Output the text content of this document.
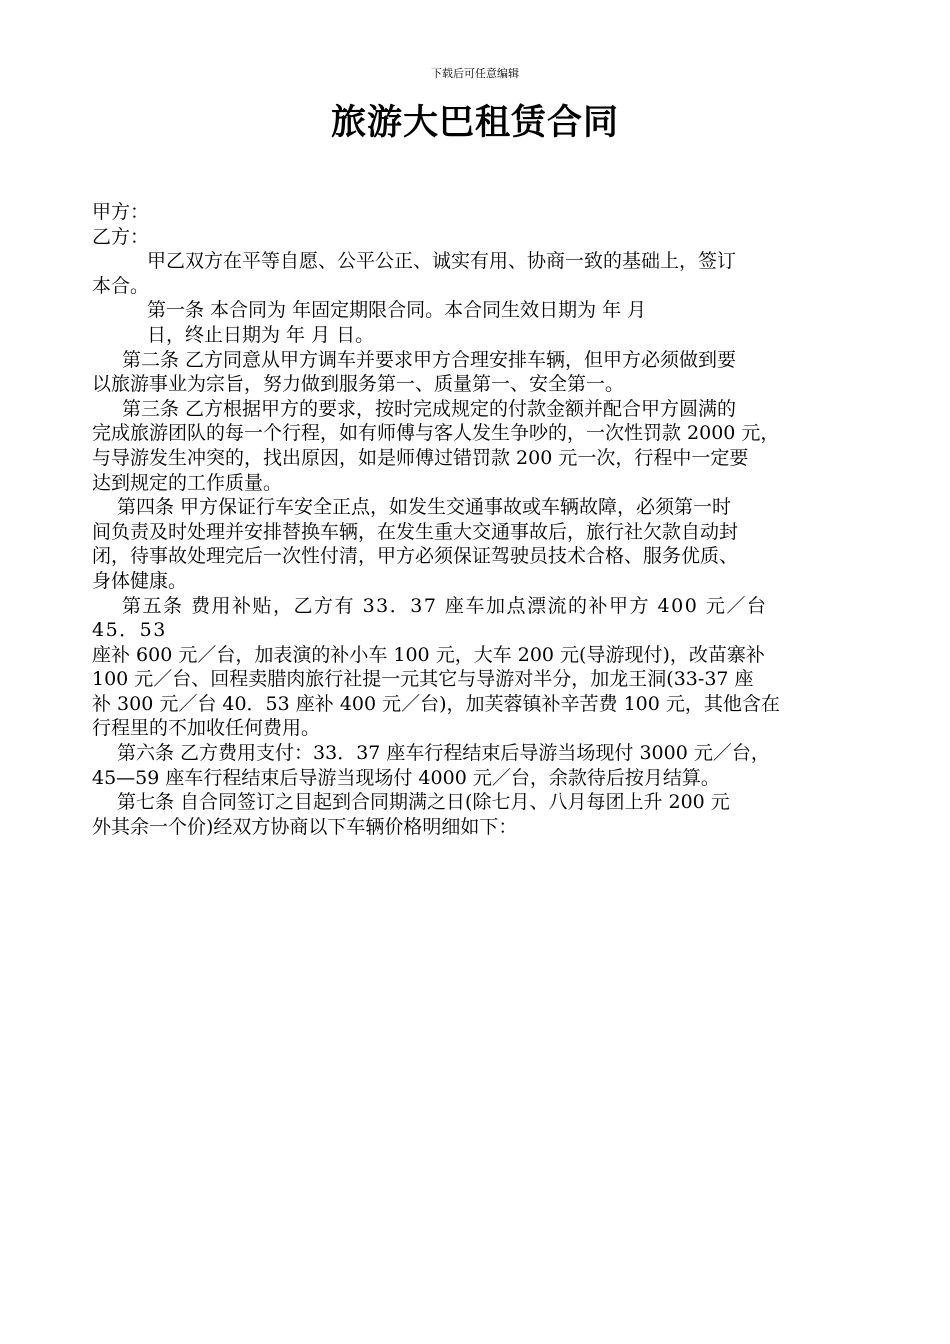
下载后可任意编辑
旅游大巴租赁合同
甲方：
乙方：
甲乙双方在平等自愿、公平公正、诚实有用、协商一致的基础上，签订
本合。
第一条 本合同为 年固定期限合同。本合同生效日期为 年 月
日，终止日期为 年 月 日。
第二条 乙方同意从甲方调车并要求甲方合理安排车辆，但甲方必须做到要
以旅游事业为宗旨，努力做到服务第一、质量第一、安全第一。
第三条 乙方根据甲方的要求，按时完成规定的付款金额并配合甲方圆满的
完成旅游团队的每一个行程，如有师傅与客人发生争吵的，一次性罚款 2000 元，
与导游发生冲突的，找出原因，如是师傅过错罚款 200 元一次，行程中一定要
达到规定的工作质量。
第四条 甲方保证行车安全正点，如发生交通事故或车辆故障，必须第一时
间负责及时处理并安排替换车辆，在发生重大交通事故后，旅行社欠款自动封
闭，待事故处理完后一次性付清，甲方必须保证驾驶员技术合格、服务优质、
身体健康。
第五条 费用补贴，乙方有 33．37 座车加点漂流的补甲方 400 元／台
45．53
座补 600 元／台，加表演的补小车 100 元，大车 200 元(导游现付)，改苗寨补
100 元／台、回程卖腊肉旅行社提一元其它与导游对半分，加龙王洞(33-37 座
补 300 元／台 40．53 座补 400 元／台)，加芙蓉镇补辛苦费 100 元，其他含在
行程里的不加收任何费用。
第六条 乙方费用支付：33．37 座车行程结束后导游当场现付 3000 元／台，
45—59 座车行程结束后导游当现场付 4000 元／台，余款待后按月结算。
第七条 自合同签订之目起到合同期满之日(除七月、八月每团上升 200 元
外其余一个价)经双方协商以下车辆价格明细如下：
